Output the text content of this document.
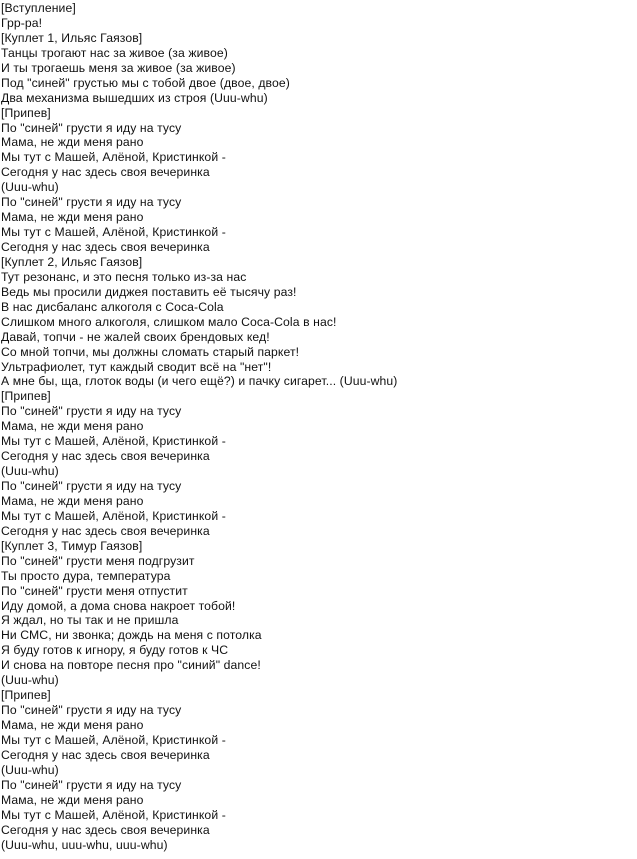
[Вступление]
Грр-ра!
[Куплет 1, Ильяс Гаязов]
Танцы трогают нас за живое (за живое)
И ты трогаешь меня за живое (за живое)
Под "синей" грустью мы с тобой двое (двое, двое)
Два механизма вышедших из строя (Uuu-whu)
[Припев]
По "синей" грусти я иду на тусу
Мама, не жди меня рано
Мы тут с Машей, Алёной, Кристинкой -
Сегодня у нас здесь своя вечеринка
(Uuu-whu)
По "синей" грусти я иду на тусу
Мама, не жди меня рано
Мы тут с Машей, Алёной, Кристинкой -
Сегодня у нас здесь своя вечеринка
[Куплет 2, Ильяс Гаязов]
Тут резонанс, и это песня только из-за нас
Ведь мы просили диджея поставить её тысячу раз!
В нас дисбаланс алкоголя с Coca-Cola
Слишком много алкоголя, слишком мало Coca-Cola в нас!
Давай, топчи - не жалей своих брендовых кед!
Со мной топчи, мы должны сломать старый паркет!
Ультрафиолет, тут каждый сводит всё на "нет"!
А мне бы, ща, глоток воды (и чего ещё?) и пачку сигарет... (Uuu-whu)
[Припев]
По "синей" грусти я иду на тусу
Мама, не жди меня рано
Мы тут с Машей, Алёной, Кристинкой -
Сегодня у нас здесь своя вечеринка
(Uuu-whu)
По "синей" грусти я иду на тусу
Мама, не жди меня рано
Мы тут с Машей, Алёной, Кристинкой -
Сегодня у нас здесь своя вечеринка
[Куплет 3, Тимур Гаязов]
По "синей" грусти меня подгрузит
Ты просто дура, температура
По "синей" грусти меня отпустит
Иду домой, а дома снова накроет тобой!
Я ждал, но ты так и не пришла
Ни СМС, ни звонка; дождь на меня с потолка
Я буду готов к игнору, я буду готов к ЧС
И снова на повторе песня про "синий" dance!
(Uuu-whu)
[Припев]
По "синей" грусти я иду на тусу
Мама, не жди меня рано
Мы тут с Машей, Алёной, Кристинкой -
Сегодня у нас здесь своя вечеринка
(Uuu-whu)
По "синей" грусти я иду на тусу
Мама, не жди меня рано
Мы тут с Машей, Алёной, Кристинкой -
Сегодня у нас здесь своя вечеринка
(Uuu-whu, uuu-whu, uuu-whu)
